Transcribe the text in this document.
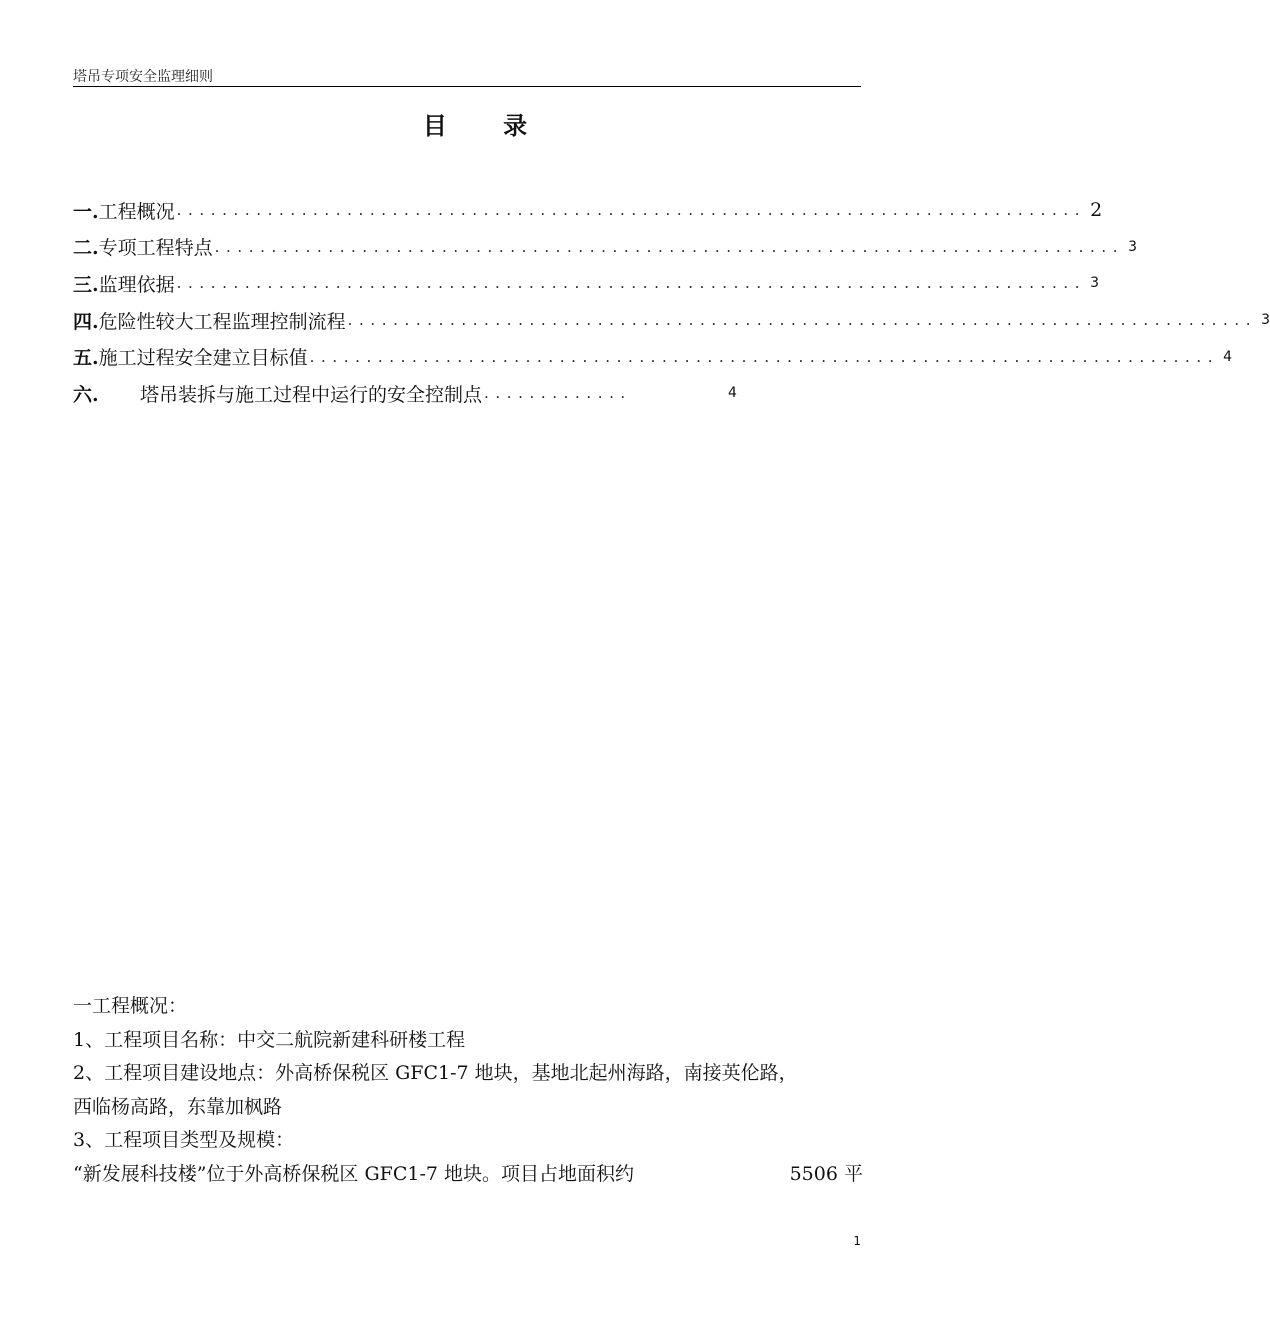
塔吊专项安全监理细则
目 录
一. 工程概况 ................................................................................ 2
二. 专项工程特点 ................................................................................ 3
三. 监理依据 ................................................................................ 3
四. 危险性较大工程监理控制流程 ................................................................................ 3
五. 施工过程安全建立目标值 ................................................................................ 4
六.	塔吊装拆与施工过程中运行的安全控制点 .............	4

一工程概况：

1、工程项目名称：中交二航院新建科研楼工程

2、工程项目建设地点：外高桥保税区 GFC1-7 地块，基地北起州海路，南接英伦路，

西临杨高路，东靠加枫路

3、工程项目类型及规模：

“新发展科技楼”位于外高桥保税区 GFC1-7 地块。项目占地面积约	5506 平
1
